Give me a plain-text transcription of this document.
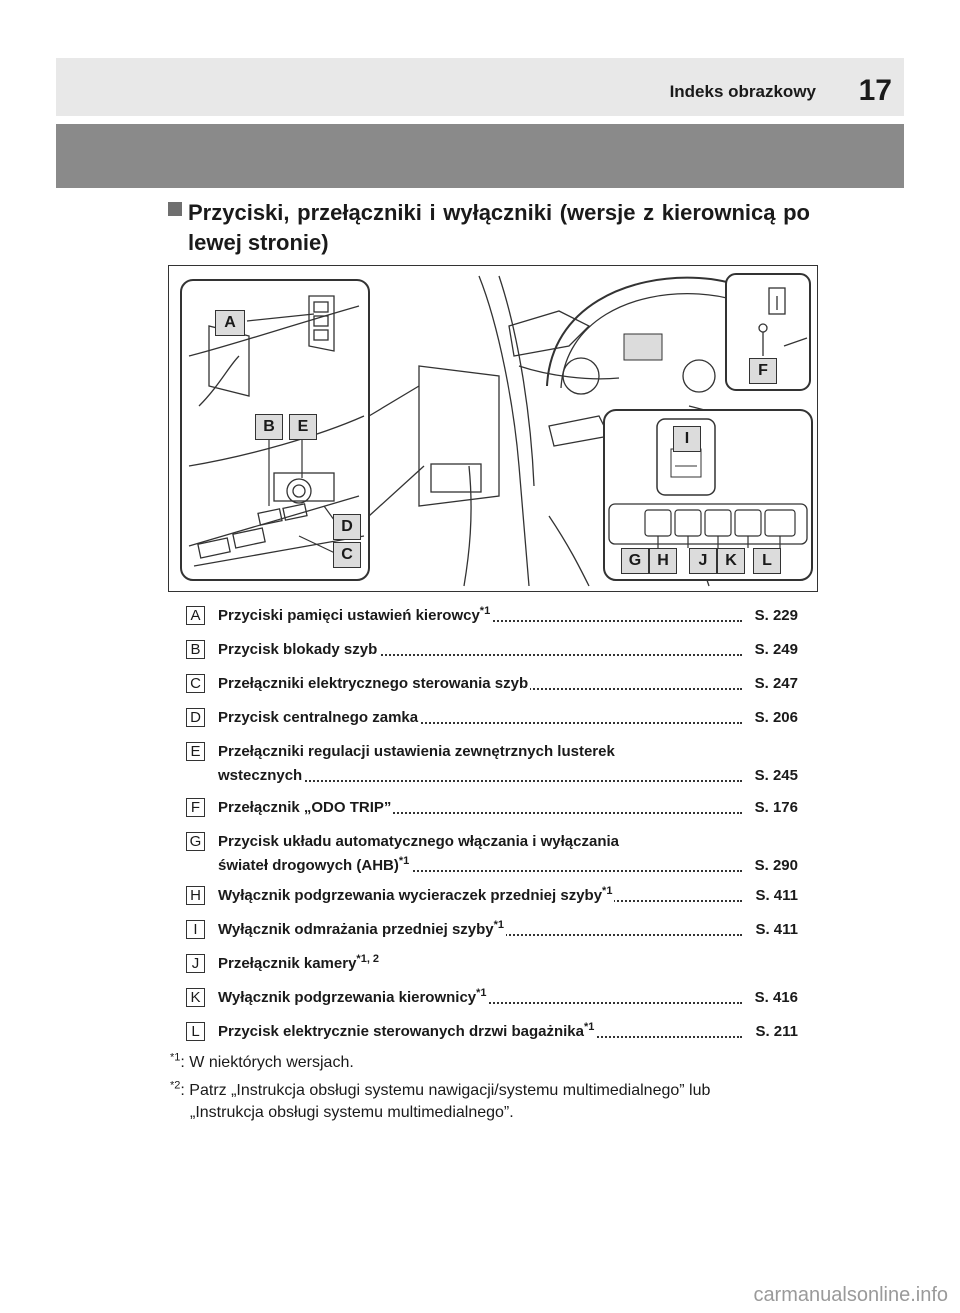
Indeks obrazkowy 17
Przyciski, przełączniki i wyłączniki (wersje z kierownicą po lewej stronie)
A
B	E
D
C
F
I
G	H	J	K	L
A	Przyciski pamięci ustawień kierowcy$^{*1}$	S. 229
B	Przycisk blokady szyb	S. 249
C Przełączniki elektrycznego sterowania szyb	S. 247
D Przycisk centralnego zamka	S. 206
E	Przełączniki regulacji ustawienia zewnętrznych lusterek
wstecznych	S. 245
F	Przełącznik „ODO TRIP”	S. 176
G Przycisk układu automatycznego włączania i wyłączania
świateł drogowych (AHB)$^{*1}$	S. 290
H Wyłącznik podgrzewania wycieraczek przedniej szyby$^{*1}$	S. 411
I	Wyłącznik odmrażania przedniej szyby$^{*1}$	S. 411
J	Przełącznik kamery$^{*1, 2}$
K	Wyłącznik podgrzewania kierownicy$^{*1}$	S. 416
L	Przycisk elektrycznie sterowanych drzwi bagażnika$^{*1}$	S. 211
$^{*1}$: W niektórych wersjach.
$^{*2}$: Patrz „Instrukcja obsługi systemu nawigacji/systemu multimedialnego” lub
„Instrukcja obsługi systemu multimedialnego”.
carmanualsonline.info
